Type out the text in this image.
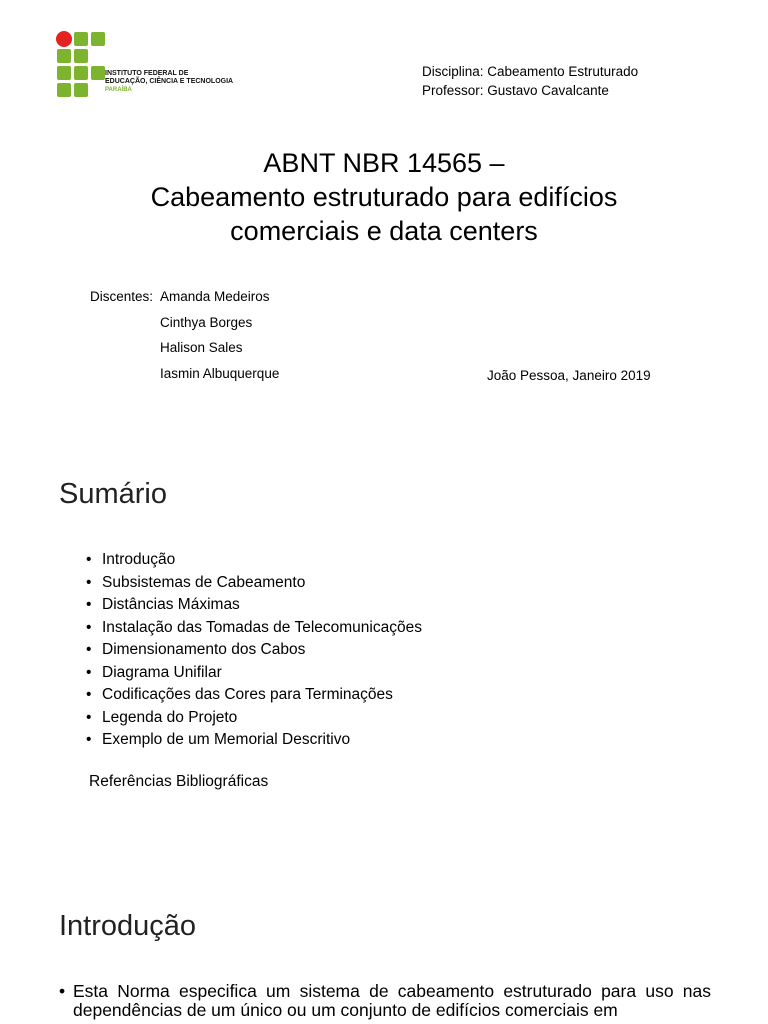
INSTITUTO FEDERAL DE
EDUCAÇÃO, CIÊNCIA E TECNOLOGIA
PARAÍBA
Disciplina: Cabeamento Estruturado
Professor: Gustavo Cavalcante
ABNT NBR 14565 –
Cabeamento estruturado para edifícios
comerciais e data centers
Discentes: Amanda Medeiros
Cinthya Borges
Halison Sales
Iasmin Albuquerque	João Pessoa, Janeiro 2019
Sumário
• Introdução
• Subsistemas de Cabeamento
• Distâncias Máximas
• Instalação das Tomadas de Telecomunicações
• Dimensionamento dos Cabos
• Diagrama Unifilar
• Codificações das Cores para Terminações
• Legenda do Projeto
• Exemplo de um Memorial Descritivo
Referências Bibliográficas
Introdução
• Esta Norma especifica um sistema de cabeamento estruturado para uso nas dependências de um único ou um conjunto de edifícios comerciais em
